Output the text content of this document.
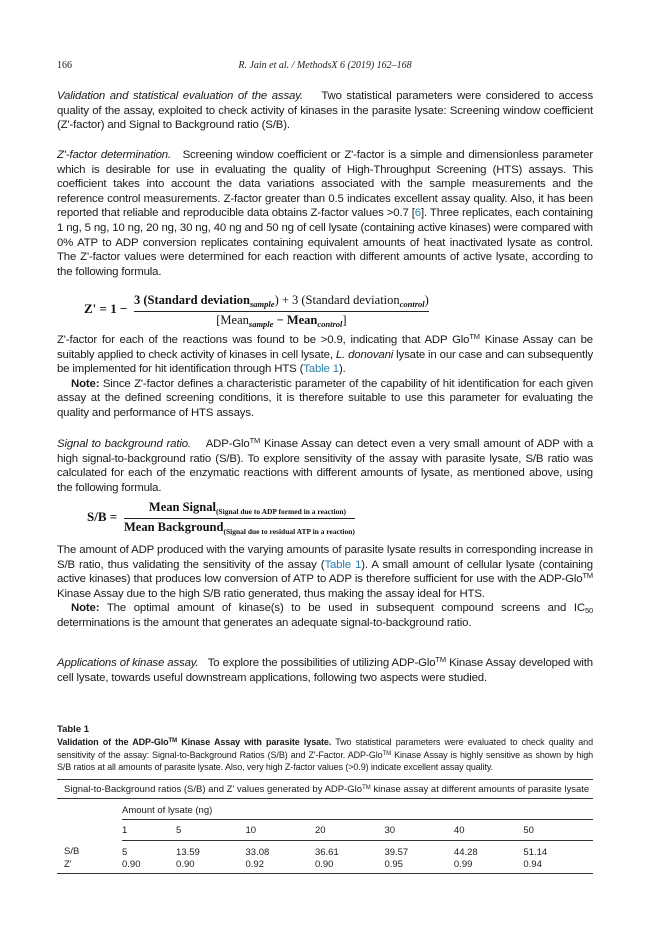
166	R. Jain et al. / MethodsX 6 (2019) 162–168

Validation and statistical evaluation of the assay. Two statistical parameters were considered to access quality of the assay, exploited to check activity of kinases in the parasite lysate: Screening window coefficient (Z'-factor) and Signal to Background ratio (S/B).

Z'-factor determination. Screening window coefficient or Z'-factor is a simple and dimensionless parameter which is desirable for use in evaluating the quality of High-Throughput Screening (HTS) assays. This coefficient takes into account the data variations associated with the sample measurements and the reference control measurements. Z-factor greater than 0.5 indicates excellent assay quality. Also, it has been reported that reliable and reproducible data obtains Z-factor values >0.7 [6]. Three replicates, each containing 1 ng, 5 ng, 10 ng, 20 ng, 30 ng, 40 ng and 50 ng of cell lysate (containing active kinases) were compared with 0% ATP to ADP conversion replicates containing equivalent amounts of heat inactivated lysate as control. The Z'-factor values were determined for each reaction with different amounts of active lysate, according to the following formula.

Z' = 1 −
3 (Standard deviation$_{sample}$) + 3 (Standard deviation$_{control}$)
[Mean$_{sample}$ − Mean$_{control}$]

Z'-factor for each of the reactions was found to be >0.9, indicating that ADP Glo™ Kinase Assay can be suitably applied to check activity of kinases in cell lysate, L. donovani lysate in our case and can subsequently be implemented for hit identification through HTS (Table 1).

Note: Since Z'-factor defines a characteristic parameter of the capability of hit identification for each given assay at the defined screening conditions, it is therefore suitable to use this parameter for evaluating the quality and performance of HTS assays.

Signal to background ratio. ADP-Glo™ Kinase Assay can detect even a very small amount of ADP with a high signal-to-background ratio (S/B). To explore sensitivity of the assay with parasite lysate, S/B ratio was calculated for each of the enzymatic reactions with different amounts of lysate, as mentioned above, using the following formula.

S/B =
Mean Signal$_{(Signal due to ADP formed in a reaction)}$
Mean Background$_{(Signal due to residual ATP in a reaction)}$

The amount of ADP produced with the varying amounts of parasite lysate results in corresponding increase in S/B ratio, thus validating the sensitivity of the assay (Table 1). A small amount of cellular lysate (containing active kinases) that produces low conversion of ATP to ADP is therefore sufficient for use with the ADP-Glo™ Kinase Assay due to the high S/B ratio generated, thus making the assay ideal for HTS.

Note: The optimal amount of kinase(s) to be used in subsequent compound screens and $IC_{50}$ determinations is the amount that generates an adequate signal-to-background ratio.

Applications of kinase assay. To explore the possibilities of utilizing ADP-Glo™ Kinase Assay developed with cell lysate, towards useful downstream applications, following two aspects were studied.

Table 1
Validation of the ADP-Glo™ Kinase Assay with parasite lysate. Two statistical parameters were evaluated to check quality and sensitivity of the assay: Signal-to-Background Ratios (S/B) and Z'-Factor. ADP-Glo™ Kinase Assay is highly sensitive as shown by high S/B ratios at all amounts of parasite lysate. Also, very high Z-factor values (>0.9) indicate excellent assay quality.
Signal-to-Background ratios (S/B) and Z' values generated by ADP-Glo™ kinase assay at different amounts of parasite lysate							
	Amount of lysate (ng)						
	1	5	10	20	30	40	50
S/B	5	13.59	33.08	36.61	39.57	44.28	51.14
Z'	0.90	0.90	0.92	0.90	0.95	0.99	0.94
